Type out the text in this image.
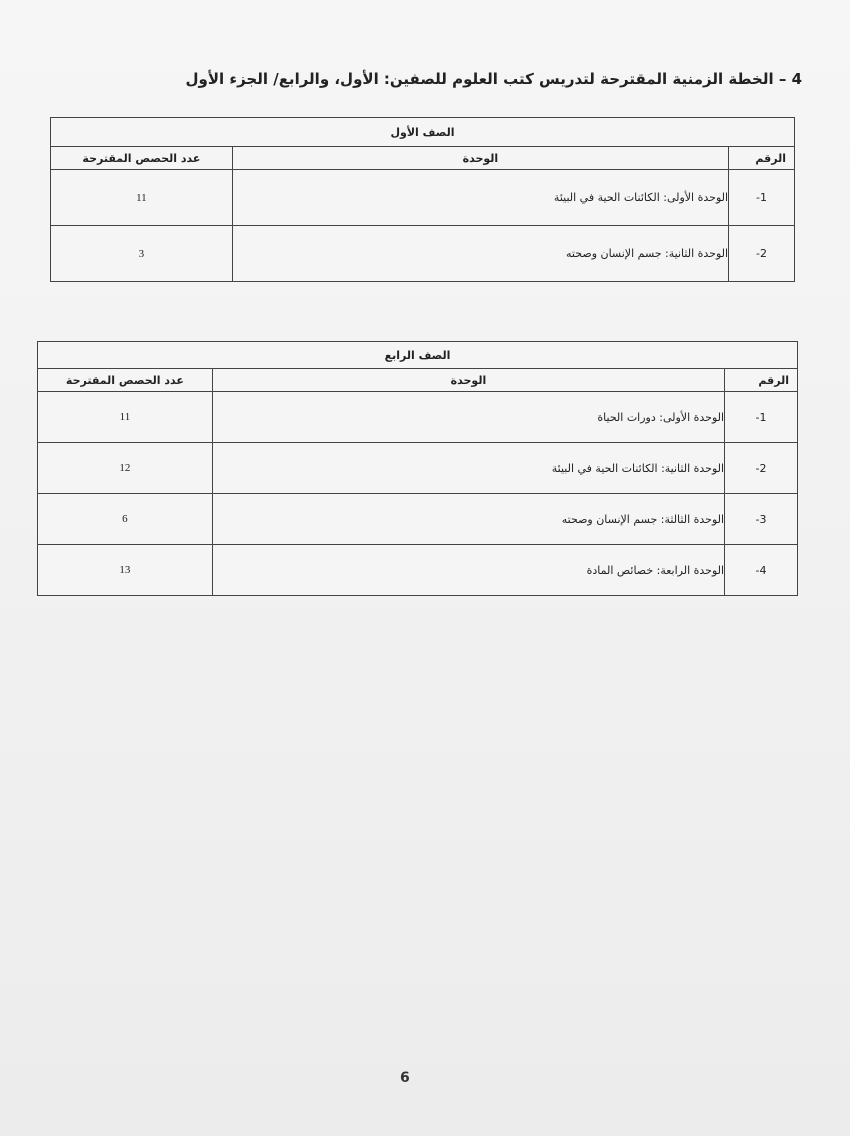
4 – الخطة الزمنية المقترحة لتدريس كتب العلوم للصفين: الأول، والرابع/ الجزء الأول
الصف الأول		
الرقم	الوحدة	عدد الحصص المقترحة
1-	الوحدة الأولى: الكائنات الحية في البيئة	11
2-	الوحدة الثانية: جسم الإنسان وصحته	3
الصف الرابع		
الرقم	الوحدة	عدد الحصص المقترحة
1-	الوحدة الأولى: دورات الحياة	11
2-	الوحدة الثانية: الكائنات الحية في البيئة	12
3-	الوحدة الثالثة: جسم الإنسان وصحته	6
4-	الوحدة الرابعة: خصائص المادة	13
6
